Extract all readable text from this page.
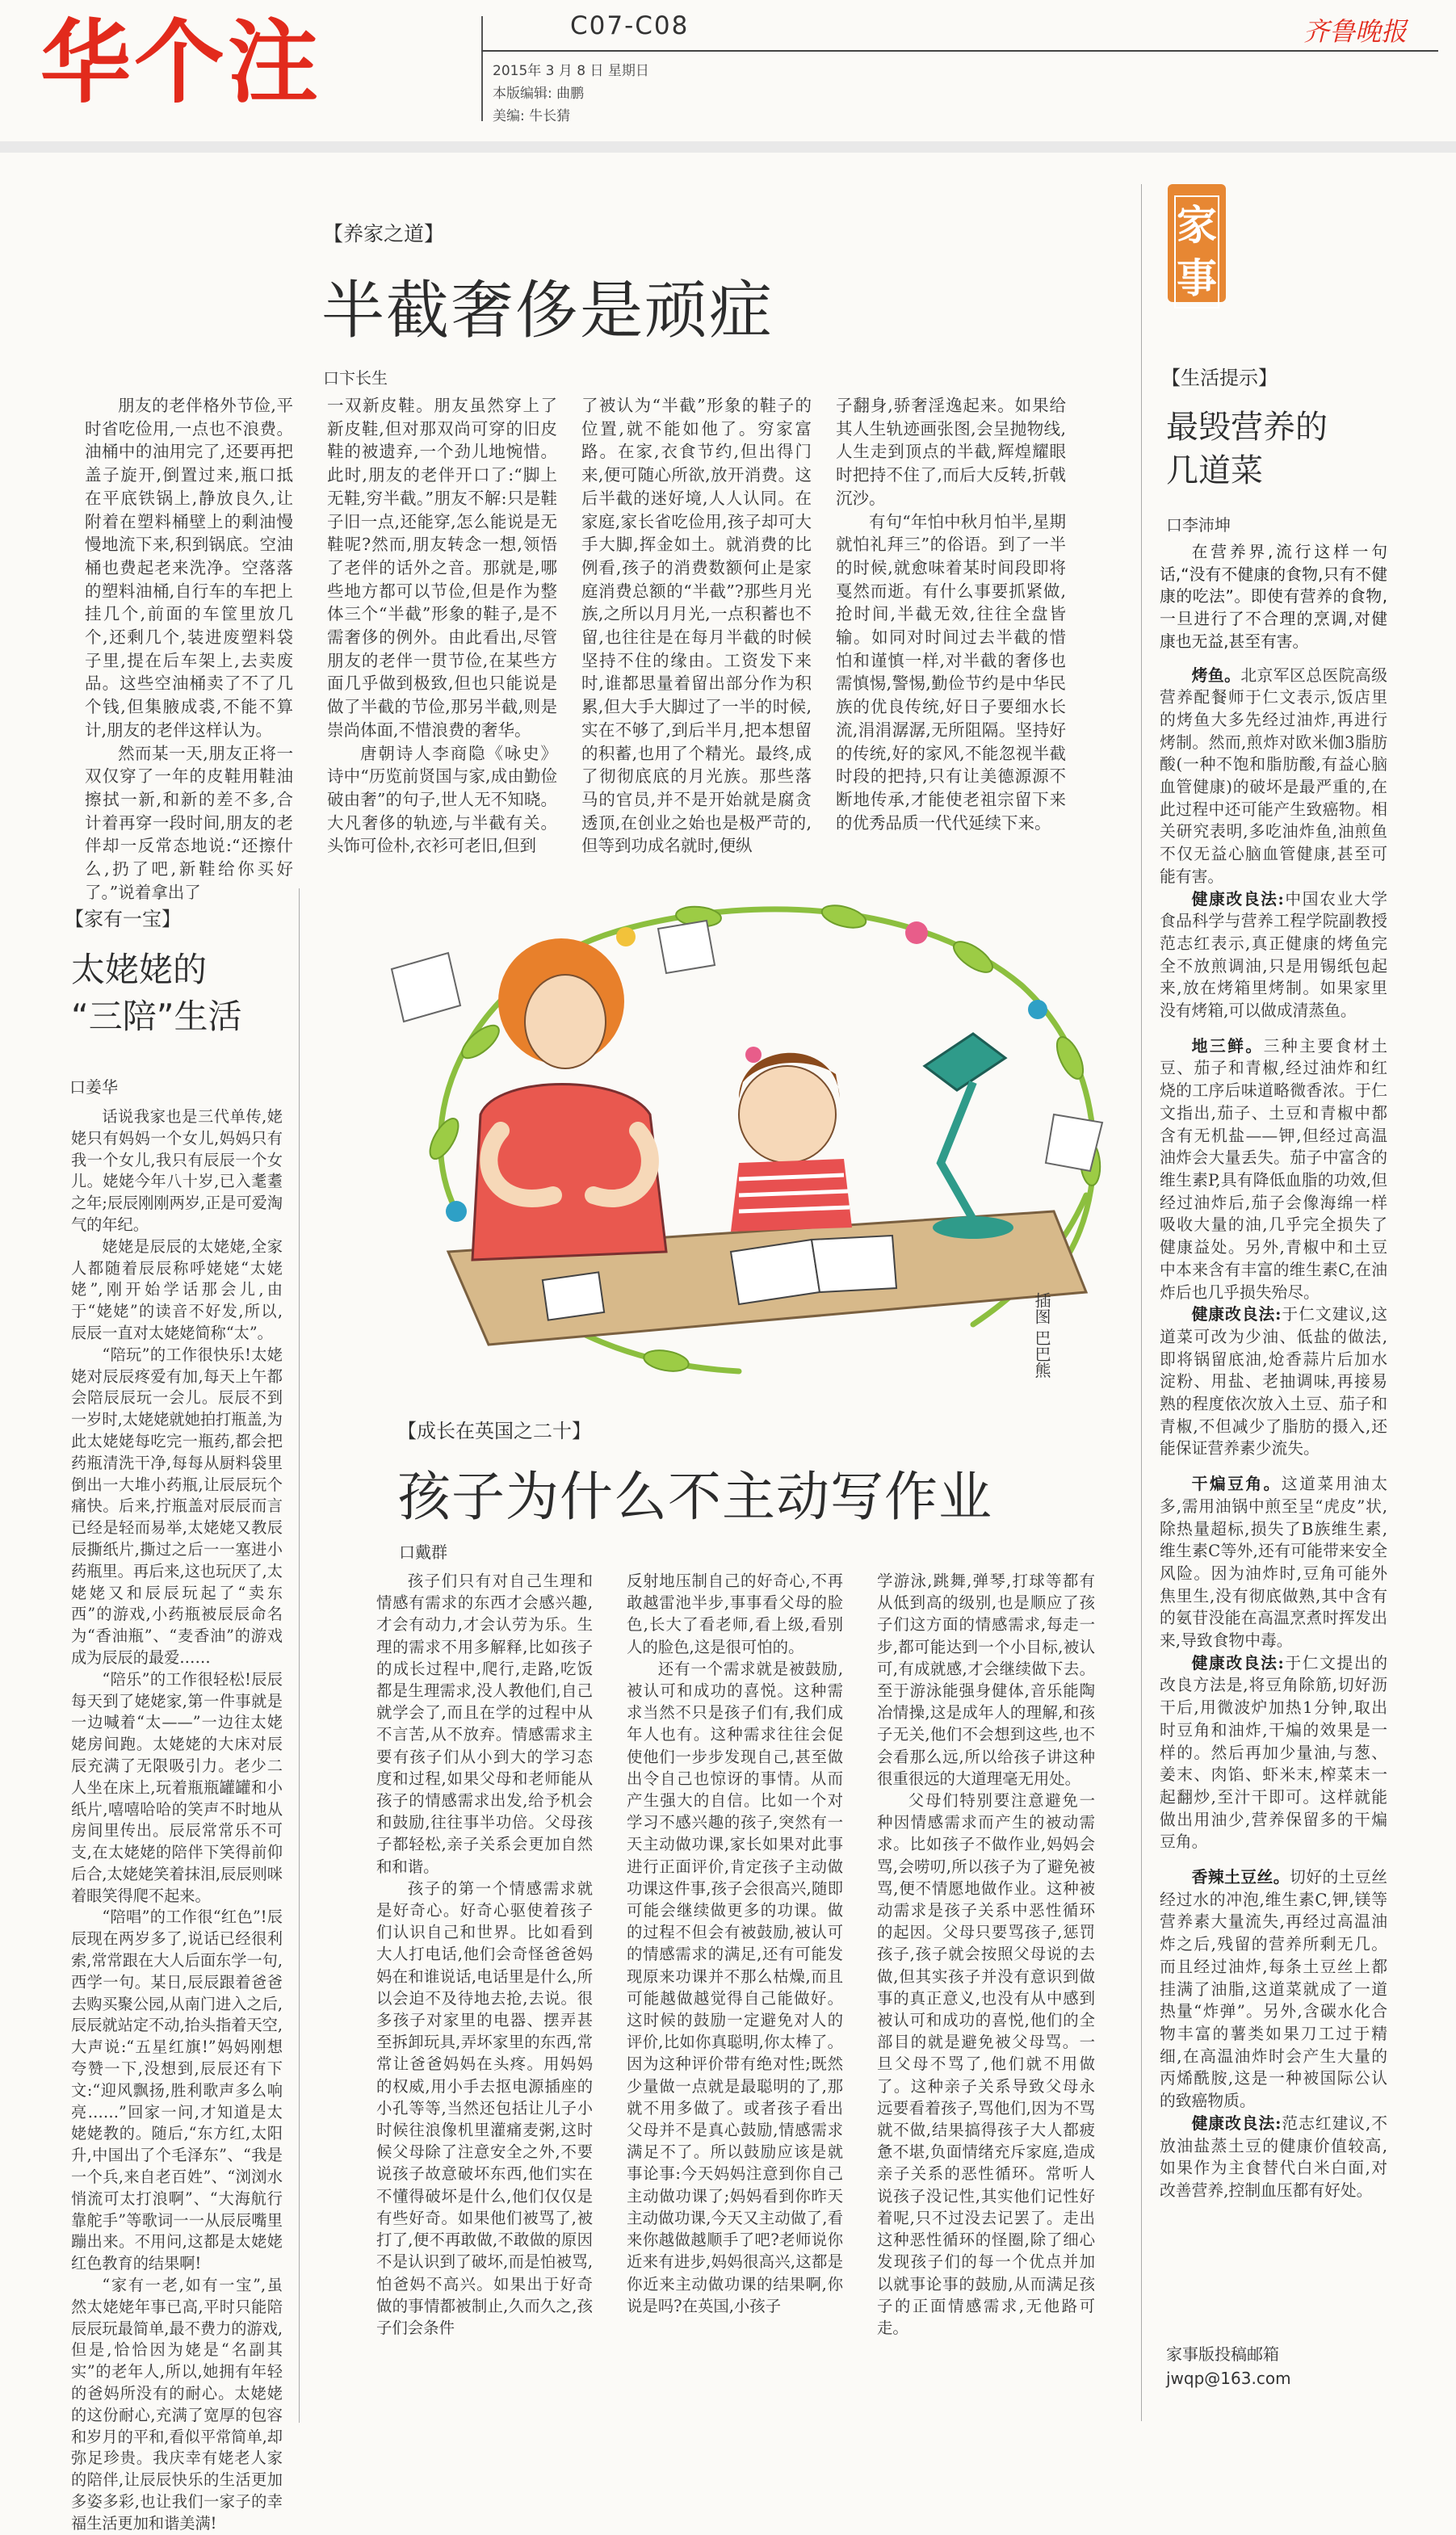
华个注	C07-C08
2015年 3 月 8 日 星期日
本版编辑: 曲鹏
美编: 牛长猜
齐鲁晚报
【养家之道】
半截奢侈是顽症
口卞长生

朋友的老伴格外节俭,平时省吃俭用,一点也不浪费。油桶中的油用完了,还要再把盖子旋开,倒置过来,瓶口抵在平底铁锅上,静放良久,让附着在塑料桶壁上的剩油慢慢地流下来,积到锅底。空油桶也费起老来洗净。空落落的塑料油桶,自行车的车把上挂几个,前面的车筐里放几个,还剩几个,装进废塑料袋子里,提在后车架上,去卖废品。这些空油桶卖了不了几个钱,但集腋成裘,不能不算计,朋友的老伴这样认为。

然而某一天,朋友正将一双仅穿了一年的皮鞋用鞋油擦拭一新,和新的差不多,合计着再穿一段时间,朋友的老伴却一反常态地说:“还擦什么,扔了吧,新鞋给你买好了。”说着拿出了

一双新皮鞋。朋友虽然穿上了新皮鞋,但对那双尚可穿的旧皮鞋的被遗弃,一个劲儿地惋惜。此时,朋友的老伴开口了:“脚上无鞋,穷半截。”朋友不解:只是鞋子旧一点,还能穿,怎么能说是无鞋呢?然而,朋友转念一想,领悟了老伴的话外之音。那就是,哪些地方都可以节俭,但是作为整体三个“半截”形象的鞋子,是不需奢侈的例外。由此看出,尽管朋友的老伴一贯节俭,在某些方面几乎做到极致,但也只能说是做了半截的节俭,那另半截,则是崇尚体面,不惜浪费的奢华。

唐朝诗人李商隐《咏史》诗中“历览前贤国与家,成由勤俭破由奢”的句子,世人无不知晓。大凡奢侈的轨迹,与半截有关。头饰可俭朴,衣衫可老旧,但到

了被认为“半截”形象的鞋子的位置,就不能如他了。穷家富路。在家,衣食节约,但出得门来,便可随心所欲,放开消费。这后半截的迷好境,人人认同。在家庭,家长省吃俭用,孩子却可大手大脚,挥金如土。就消费的比例看,孩子的消费数额何止是家庭消费总额的“半截”?那些月光族,之所以月月光,一点积蓄也不留,也往往是在每月半截的时候坚持不住的缘由。工资发下来时,谁都思量着留出部分作为积累,但大手大脚过了一半的时候,实在不够了,到后半月,把本想留的积蓄,也用了个精光。最终,成了彻彻底底的月光族。那些落马的官员,并不是开始就是腐贪透顶,在创业之始也是极严苛的,但等到功成名就时,便纵

子翻身,骄奢淫逸起来。如果给其人生轨迹画张图,会呈抛物线,人生走到顶点的半截,辉煌耀眼时把持不住了,而后大反转,折戟沉沙。

有句“年怕中秋月怕半,星期就怕礼拜三”的俗语。到了一半的时候,就愈味着某时间段即将戛然而逝。有什么事要抓紧做,抢时间,半截无效,往往全盘皆输。如同对时间过去半截的惜怕和谨慎一样,对半截的奢侈也需慎惕,警惕,勤俭节约是中华民族的优良传统,好日子要细水长流,涓涓潺潺,无所阻隔。坚持好的传统,好的家风,不能忽视半截时段的把持,只有让美德源源不断地传承,才能使老祖宗留下来的优秀品质一代代延续下来。

家事
【生活提示】
最毁营养的
几道菜
口李沛坤

在营养界,流行这样一句话,“没有不健康的食物,只有不健康的吃法”。即使有营养的食物,一旦进行了不合理的烹调,对健康也无益,甚至有害。

烤鱼。北京军区总医院高级营养配餐师于仁文表示,饭店里的烤鱼大多先经过油炸,再进行烤制。然而,煎炸对欧米伽3脂肪酸(一种不饱和脂肪酸,有益心脑血管健康)的破坏是最严重的,在此过程中还可能产生致癌物。相关研究表明,多吃油炸鱼,油煎鱼不仅无益心脑血管健康,甚至可能有害。

健康改良法:中国农业大学食品科学与营养工程学院副教授范志红表示,真正健康的烤鱼完全不放煎调油,只是用锡纸包起来,放在烤箱里烤制。如果家里没有烤箱,可以做成清蒸鱼。

地三鲜。三种主要食材土豆、茄子和青椒,经过油炸和红烧的工序后味道略微香浓。于仁文指出,茄子、土豆和青椒中都含有无机盐——钾,但经过高温油炸会大量丢失。茄子中富含的维生素P,具有降低血脂的功效,但经过油炸后,茄子会像海绵一样吸收大量的油,几乎完全损失了健康益处。另外,青椒中和土豆中本来含有丰富的维生素C,在油炸后也几乎损失殆尽。

健康改良法:于仁文建议,这道菜可改为少油、低盐的做法,即将锅留底油,炝香蒜片后加水淀粉、用盐、老抽调味,再接易熟的程度依次放入土豆、茄子和青椒,不但减少了脂肪的摄入,还能保证营养素少流失。

干煸豆角。这道菜用油太多,需用油锅中煎至呈“虎皮”状,除热量超标,损失了B族维生素,维生素C等外,还有可能带来安全风险。因为油炸时,豆角可能外焦里生,没有彻底做熟,其中含有的氨苷没能在高温烹煮时挥发出来,导致食物中毒。

健康改良法:于仁文提出的改良方法是,将豆角除筋,切好沥干后,用微波炉加热1分钟,取出时豆角和油炸,干煸的效果是一样的。然后再加少量油,与葱、姜末、肉馅、虾米末,榨菜末一起翻炒,至汁干即可。这样就能做出用油少,营养保留多的干煸豆角。

香辣土豆丝。切好的土豆丝经过水的冲泡,维生素C,钾,镁等营养素大量流失,再经过高温油炸之后,残留的营养所剩无几。而且经过油炸,每条土豆丝上都挂满了油脂,这道菜就成了一道热量“炸弹”。另外,含碳水化合物丰富的薯类如果刀工过于精细,在高温油炸时会产生大量的丙烯酰胺,这是一种被国际公认的致癌物质。

健康改良法:范志红建议,不放油盐蒸土豆的健康价值较高,如果作为主食替代白米白面,对改善营养,控制血压都有好处。

家事版投稿邮箱
jwqp@163.com
【家有一宝】
太姥姥的
“三陪”生活
口姜华

话说我家也是三代单传,姥姥只有妈妈一个女儿,妈妈只有我一个女儿,我只有辰辰一个女儿。姥姥今年八十岁,已入耄耋之年;辰辰刚刚两岁,正是可爱淘气的年纪。

姥姥是辰辰的太姥姥,全家人都随着辰辰称呼姥姥“太姥姥”,刚开始学话那会儿,由于“姥姥”的读音不好发,所以,辰辰一直对太姥姥简称“太”。

“陪玩”的工作很快乐!太姥姥对辰辰疼爱有加,每天上午都会陪辰辰玩一会儿。辰辰不到一岁时,太姥姥就她拍打瓶盖,为此太姥姥每吃完一瓶药,都会把药瓶清洗干净,每每从厨料袋里倒出一大堆小药瓶,让辰辰玩个痛快。后来,拧瓶盖对辰辰而言已经是轻而易举,太姥姥又教辰辰撕纸片,撕过之后一一塞进小药瓶里。再后来,这也玩厌了,太姥姥又和辰辰玩起了“卖东西”的游戏,小药瓶被辰辰命名为“香油瓶”、“麦香油”的游戏成为辰辰的最爱……

“陪乐”的工作很轻松!辰辰每天到了姥姥家,第一件事就是一边喊着“太——”一边往太姥姥房间跑。太姥姥的大床对辰辰充满了无限吸引力。老少二人坐在床上,玩着瓶瓶罐罐和小纸片,嘻嘻哈哈的笑声不时地从房间里传出。辰辰常常乐不可支,在太姥姥的陪伴下笑得前仰后合,太姥姥笑着抹泪,辰辰则咪着眼笑得爬不起来。

“陪唱”的工作很“红色”!辰辰现在两岁多了,说话已经很利索,常常跟在大人后面东学一句,西学一句。某日,辰辰跟着爸爸去购买聚公园,从南门进入之后,辰辰就站定不动,抬头指着天空,大声说:“五星红旗!”妈妈刚想夸赞一下,没想到,辰辰还有下文:“迎风飘扬,胜利歌声多么响亮……”回家一问,才知道是太姥姥教的。随后,“东方红,太阳升,中国出了个毛泽东”、“我是一个兵,来自老百姓”、“浏浏水悄流可太打浪啊”、“大海航行靠舵手”等歌词一一从辰辰嘴里蹦出来。不用问,这都是太姥姥红色教育的结果啊!

“家有一老,如有一宝”,虽然太姥姥年事已高,平时只能陪辰辰玩最简单,最不费力的游戏,但是,恰恰因为姥是“名副其实”的老年人,所以,她拥有年轻的爸妈所没有的耐心。太姥姥的这份耐心,充满了宽厚的包容和岁月的平和,看似平常简单,却弥足珍贵。我庆幸有姥老人家的陪伴,让辰辰快乐的生活更加多姿多彩,也让我们一家子的幸福生活更加和谐美满!

插图 巴巴熊
【成长在英国之二十】
孩子为什么不主动写作业
口戴群

孩子们只有对自己生理和情感有需求的东西才会感兴趣,才会有动力,才会认劳为乐。生理的需求不用多解释,比如孩子的成长过程中,爬行,走路,吃饭都是生理需求,没人教他们,自己就学会了,而且在学的过程中从不言苦,从不放弃。情感需求主要有孩子们从小到大的学习态度和过程,如果父母和老师能从孩子的情感需求出发,给予机会和鼓励,往往事半功倍。父母孩子都轻松,亲子关系会更加自然和和谐。

孩子的第一个情感需求就是好奇心。好奇心驱使着孩子们认识自己和世界。比如看到大人打电话,他们会奇怪爸爸妈妈在和谁说话,电话里是什么,所以会迫不及待地去抢,去说。很多孩子对家里的电器、摆弄甚至拆卸玩具,弄坏家里的东西,常常让爸爸妈妈在头疼。用妈妈的权威,用小手去抠电源插座的小孔等等,当然还包括让儿子小时候往浪像机里灌痛麦粥,这时候父母除了注意安全之外,不要说孩子故意破坏东西,他们实在不懂得破坏是什么,他们仅仅是有些好奇。如果他们被骂了,被打了,便不再敢做,不敢做的原因不是认识到了破坏,而是怕被骂,怕爸妈不高兴。如果出于好奇做的事情都被制止,久而久之,孩子们会条件

反射地压制自己的好奇心,不再敢越雷池半步,事事看父母的脸色,长大了看老师,看上级,看别人的脸色,这是很可怕的。

还有一个需求就是被鼓励,被认可和成功的喜悦。这种需求当然不只是孩子们有,我们成年人也有。这种需求往往会促使他们一步步发现自己,甚至做出令自己也惊讶的事情。从而产生强大的自信。比如一个对学习不感兴趣的孩子,突然有一天主动做功课,家长如果对此事进行正面评价,肯定孩子主动做功课这件事,孩子会很高兴,随即可能会继续做更多的功课。做的过程不但会有被鼓励,被认可的情感需求的满足,还有可能发现原来功课并不那么枯燥,而且可能越做越觉得自己能做好。这时候的鼓励一定避免对人的评价,比如你真聪明,你太棒了。因为这种评价带有绝对性;既然少量做一点就是最聪明的了,那就不用多做了。或者孩子看出父母并不是真心鼓励,情感需求满足不了。所以鼓励应该是就事论事:今天妈妈注意到你自己主动做功课了;妈妈看到你昨天主动做功课,今天又主动做了,看来你越做越顺手了吧?老师说你近来有进步,妈妈很高兴,这都是你近来主动做功课的结果啊,你说是吗?在英国,小孩子

学游泳,跳舞,弹琴,打球等都有从低到高的级别,也是顺应了孩子们这方面的情感需求,每走一步,都可能达到一个小目标,被认可,有成就感,才会继续做下去。至于游泳能强身健体,音乐能陶冶情操,这是成年人的理解,和孩子无关,他们不会想到这些,也不会看那么远,所以给孩子讲这种很重很远的大道理毫无用处。

父母们特别要注意避免一种因情感需求而产生的被动需求。比如孩子不做作业,妈妈会骂,会唠叨,所以孩子为了避免被骂,便不情愿地做作业。这种被动需求是孩子关系中恶性循环的起因。父母只要骂孩子,惩罚孩子,孩子就会按照父母说的去做,但其实孩子并没有意识到做事的真正意义,也没有从中感到被认可和成功的喜悦,他们的全部目的就是避免被父母骂。一旦父母不骂了,他们就不用做了。这种亲子关系导致父母永远要看着孩子,骂他们,因为不骂就不做,结果搞得孩子大人都疲惫不堪,负面情绪充斥家庭,造成亲子关系的恶性循环。常听人说孩子没记性,其实他们记性好着呢,只不过没去记罢了。走出这种恶性循环的怪圈,除了细心发现孩子们的每一个优点并加以就事论事的鼓励,从而满足孩子的正面情感需求,无他路可走。
